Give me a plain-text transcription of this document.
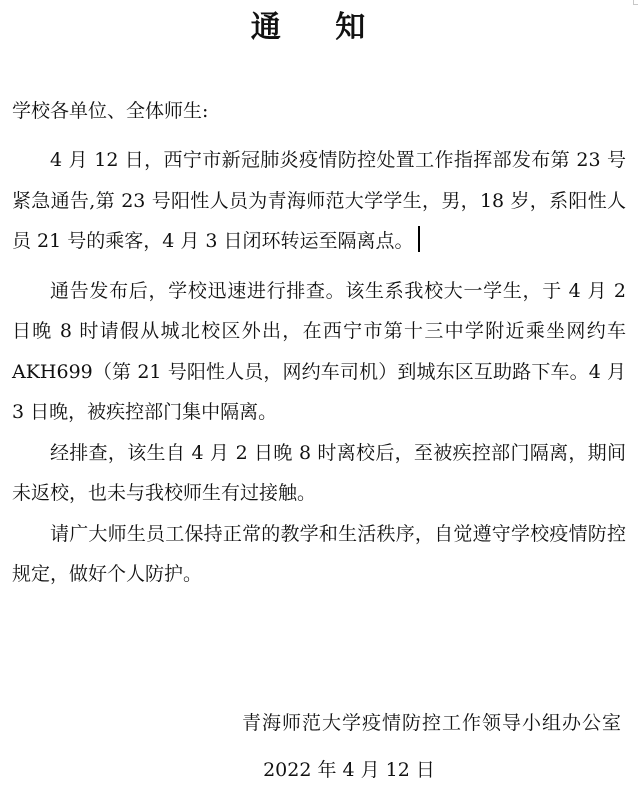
通 知
学校各单位、全体师生:

4 月 12 日，西宁市新冠肺炎疫情防控处置工作指挥部发布第 23 号紧急通告,第 23 号阳性人员为青海师范大学学生，男，18 岁，系阳性人员 21 号的乘客，4 月 3 日闭环转运至隔离点。

通告发布后，学校迅速进行排查。该生系我校大一学生，于 4 月 2 日晚 8 时请假从城北校区外出，在西宁市第十三中学附近乘坐网约车 AKH699（第 21 号阳性人员，网约车司机）到城东区互助路下车。4 月 3 日晚，被疾控部门集中隔离。

经排查，该生自 4 月 2 日晚 8 时离校后，至被疾控部门隔离，期间未返校，也未与我校师生有过接触。

请广大师生员工保持正常的教学和生活秩序，自觉遵守学校疫情防控规定，做好个人防护。

青海师范大学疫情防控工作领导小组办公室
2022 年 4 月 12 日
